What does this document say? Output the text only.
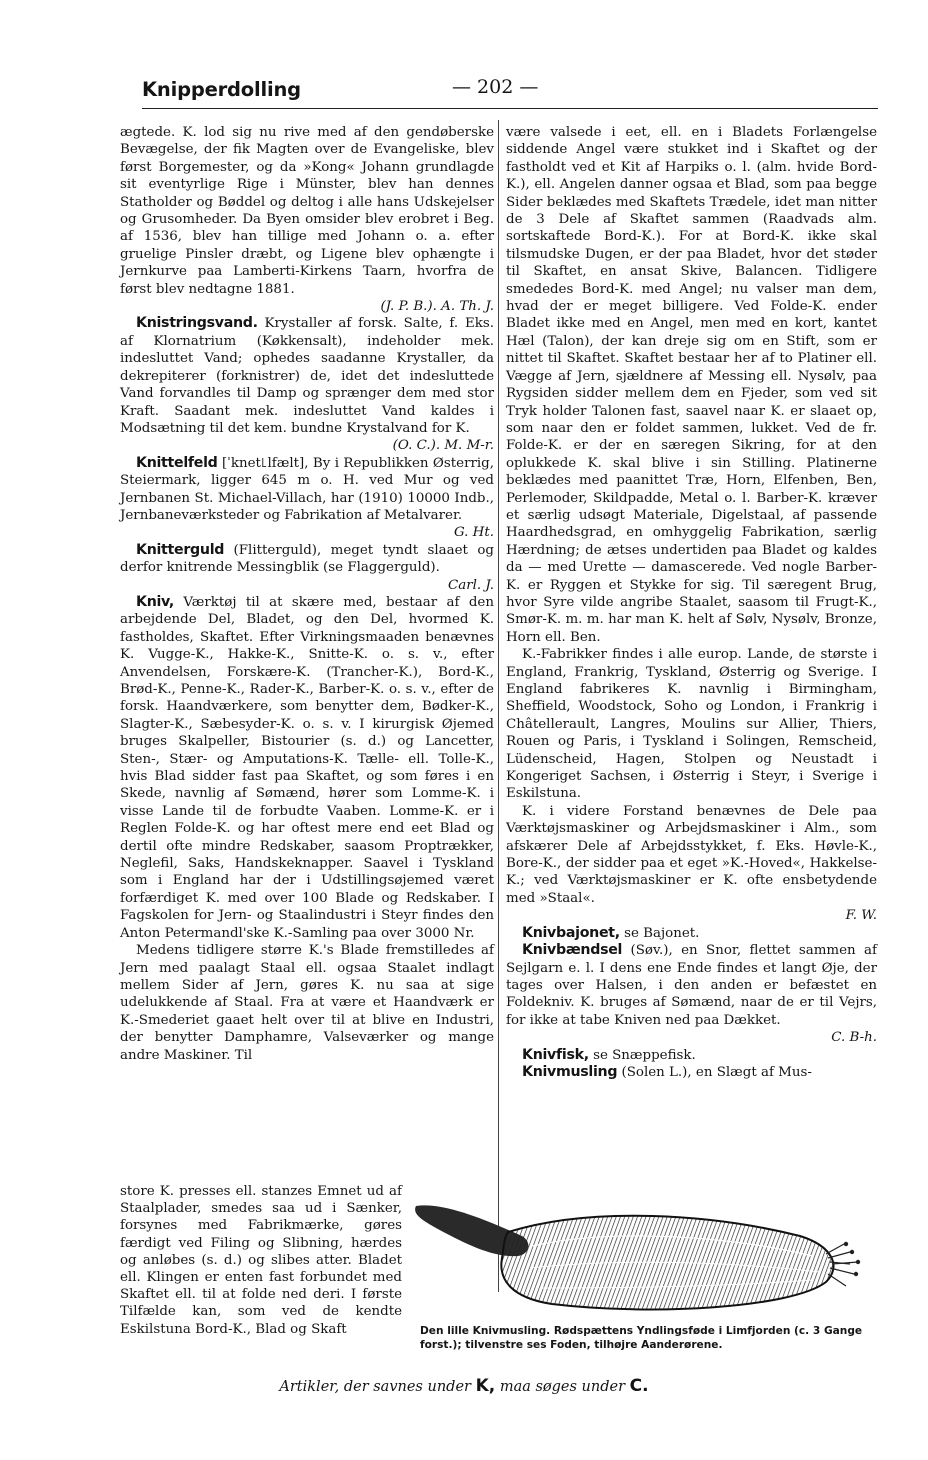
Knipperdolling	— 202 —

ægtede. K. lod sig nu rive med af den gendøberske Bevægelse, der fik Magten over de Evangeliske, blev først Borgemester, og da »Kong« Johann grundlagde sit eventyrlige Rige i Münster, blev han dennes Statholder og Bøddel og deltog i alle hans Udskejelser og Grusomheder. Da Byen omsider blev erobret i Beg. af 1536, blev han tillige med Johann o. a. efter gruelige Pinsler dræbt, og Ligene blev ophængte i Jernkurve paa Lamberti-Kirkens Taarn, hvorfra de først blev nedtagne 1881.
(J. P. B.). A. Th. J.

Knistringsvand. Krystaller af forsk. Salte, f. Eks. af Klornatrium (Køkkensalt), indeholder mek. indesluttet Vand; ophedes saadanne Krystaller, da dekrepiterer (forknistrer) de, idet det indesluttede Vand forvandles til Damp og sprænger dem med stor Kraft. Saadant mek. indesluttet Vand kaldes i Modsætning til det kem. bundne Krystalvand for K.
(O. C.). M. M-r.

Knittelfeld [ˈknet꜖lfælt], By i Republikken Østerrig, Steiermark, ligger 645 m o. H. ved Mur og ved Jernbanen St. Michael-Villach, har (1910) 10000 Indb., Jernbaneværksteder og Fabrikation af Metalvarer.
G. Ht.

Knitterguld (Flitterguld), meget tyndt slaaet og derfor knitrende Messingblik (se Flaggerguld).
Carl. J.

Kniv, Værktøj til at skære med, bestaar af den arbejdende Del, Bladet, og den Del, hvormed K. fastholdes, Skaftet. Efter Virkningsmaaden benævnes K. Vugge-K., Hakke-K., Snitte-K. o. s. v., efter Anvendelsen, Forskære-K. (Trancher-K.), Bord-K., Brød-K., Penne-K., Rader-K., Barber-K. o. s. v., efter de forsk. Haandværkere, som benytter dem, Bødker-K., Slagter-K., Sæbesyder-K. o. s. v. I kirurgisk Øjemed bruges Skalpeller, Bistourier (s. d.) og Lancetter, Sten-, Stær- og Amputations-K. Tælle- ell. Tolle-K., hvis Blad sidder fast paa Skaftet, og som føres i en Skede, navnlig af Sømænd, hører som Lomme-K. i visse Lande til de forbudte Vaaben. Lomme-K. er i Reglen Folde-K. og har oftest mere end eet Blad og dertil ofte mindre Redskaber, saasom Proptrækker, Neglefil, Saks, Handskeknapper. Saavel i Tyskland som i England har der i Udstillingsøjemed været forfærdiget K. med over 100 Blade og Redskaber. I Fagskolen for Jern- og Staalindustri i Steyr findes den Anton Petermandl'ske K.-Samling paa over 3000 Nr.

Medens tidligere større K.'s Blade fremstilledes af Jern med paalagt Staal ell. ogsaa Staalet indlagt mellem Sider af Jern, gøres K. nu saa at sige udelukkende af Staal. Fra at være et Haandværk er K.-Smederiet gaaet helt over til at blive en Industri, der benytter Damphamre, Valseværker og mange andre Maskiner. Til

store K. presses ell. stanzes Emnet ud af Staalplader, smedes saa ud i Sænker, forsynes med Fabrikmærke, gøres færdigt ved Filing og Slibning, hærdes og anløbes (s. d.) og slibes atter. Bladet ell. Klingen er enten fast forbundet med Skaftet ell. til at folde ned deri. I første Tilfælde kan, som ved de kendte Eskilstuna Bord-K., Blad og Skaft

være valsede i eet, ell. en i Bladets Forlængelse siddende Angel være stukket ind i Skaftet og der fastholdt ved et Kit af Harpiks o. l. (alm. hvide Bord-K.), ell. Angelen danner ogsaa et Blad, som paa begge Sider beklædes med Skaftets Trædele, idet man nitter de 3 Dele af Skaftet sammen (Raadvads alm. sortskaftede Bord-K.). For at Bord-K. ikke skal tilsmudske Dugen, er der paa Bladet, hvor det støder til Skaftet, en ansat Skive, Balancen. Tidligere smededes Bord-K. med Angel; nu valser man dem, hvad der er meget billigere. Ved Folde-K. ender Bladet ikke med en Angel, men med en kort, kantet Hæl (Talon), der kan dreje sig om en Stift, som er nittet til Skaftet. Skaftet bestaar her af to Platiner ell. Vægge af Jern, sjældnere af Messing ell. Nysølv, paa Rygsiden sidder mellem dem en Fjeder, som ved sit Tryk holder Talonen fast, saavel naar K. er slaaet op, som naar den er foldet sammen, lukket. Ved de fr. Folde-K. er der en særegen Sikring, for at den oplukkede K. skal blive i sin Stilling. Platinerne beklædes med paanittet Træ, Horn, Elfenben, Ben, Perlemoder, Skildpadde, Metal o. l. Barber-K. kræver et særlig udsøgt Materiale, Digelstaal, af passende Haardhedsgrad, en omhyggelig Fabrikation, særlig Hærdning; de ætses undertiden paa Bladet og kaldes da — med Urette — damascerede. Ved nogle Barber-K. er Ryggen et Stykke for sig. Til særegent Brug, hvor Syre vilde angribe Staalet, saasom til Frugt-K., Smør-K. m. m. har man K. helt af Sølv, Nysølv, Bronze, Horn ell. Ben.

K.-Fabrikker findes i alle europ. Lande, de største i England, Frankrig, Tyskland, Østerrig og Sverige. I England fabrikeres K. navnlig i Birmingham, Sheffield, Woodstock, Soho og London, i Frankrig i Châtellerault, Langres, Moulins sur Allier, Thiers, Rouen og Paris, i Tyskland i Solingen, Remscheid, Lüdenscheid, Hagen, Stolpen og Neustadt i Kongeriget Sachsen, i Østerrig i Steyr, i Sverige i Eskilstuna.

K. i videre Forstand benævnes de Dele paa Værktøjsmaskiner og Arbejdsmaskiner i Alm., som afskærer Dele af Arbejdsstykket, f. Eks. Høvle-K., Bore-K., der sidder paa et eget »K.-Hoved«, Hakkelse-K.; ved Værktøjsmaskiner er K. ofte ensbetydende med »Staal«.
F. W.

Knivbajonet, se Bajonet.

Knivbændsel (Søv.), en Snor, flettet sammen af Sejlgarn e. l. I dens ene Ende findes et langt Øje, der tages over Halsen, i den anden er befæstet en Foldekniv. K. bruges af Sømænd, naar de er til Vejrs, for ikke at tabe Kniven ned paa Dækket.
C. B-h.

Knivfisk, se Snæppefisk.

Knivmusling (Solen L.), en Slægt af Mus-

Den lille Knivmusling. Rødspættens Yndlingsføde i Limfjorden (c. 3 Gange forst.); tilvenstre ses Foden, tilhøjre Aanderørene.
Artikler, der savnes under K, maa søges under C.
